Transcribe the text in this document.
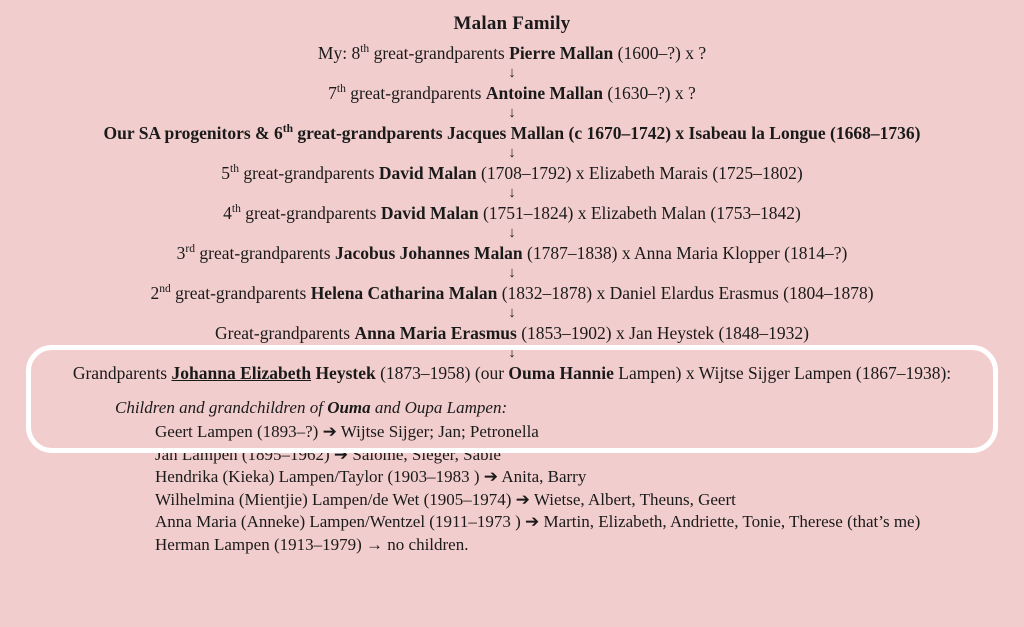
Malan Family
My: 8th great-grandparents Pierre Mallan (1600–?) x ?
↓
7th great-grandparents Antoine Mallan (1630–?) x ?
↓
Our SA progenitors & 6th great-grandparents Jacques Mallan (c 1670–1742) x Isabeau la Longue (1668–1736)
↓
5th great-grandparents David Malan (1708–1792) x Elizabeth Marais (1725–1802)
↓
4th great-grandparents David Malan (1751–1824) x Elizabeth Malan (1753–1842)
↓
3rd great-grandparents Jacobus Johannes Malan (1787–1838) x Anna Maria Klopper (1814–?)
↓
2nd great-grandparents Helena Catharina Malan (1832–1878) x Daniel Elardus Erasmus (1804–1878)
↓
Great-grandparents Anna Maria Erasmus (1853–1902) x Jan Heystek (1848–1932)
↓
Grandparents Johanna Elizabeth Heystek (1873–1958) (our Ouma Hannie Lampen) x Wijtse Sijger Lampen (1867–1938):
Children and grandchildren of Ouma and Oupa Lampen:
Geert Lampen (1893–?) ➔ Wijtse Sijger; Jan; Petronella
Jan Lampen (1895–1962) ➔ Salome, Sieger, Sabie
Hendrika (Kieka) Lampen/Taylor (1903–1983 ) ➔ Anita, Barry
Wilhelmina (Mientjie) Lampen/de Wet (1905–1974) ➔ Wietse, Albert, Theuns, Geert
Anna Maria (Anneke) Lampen/Wentzel (1911–1973 ) ➔ Martin, Elizabeth, Andriette, Tonie, Therese (that’s me)
Herman Lampen (1913–1979) → no children.
